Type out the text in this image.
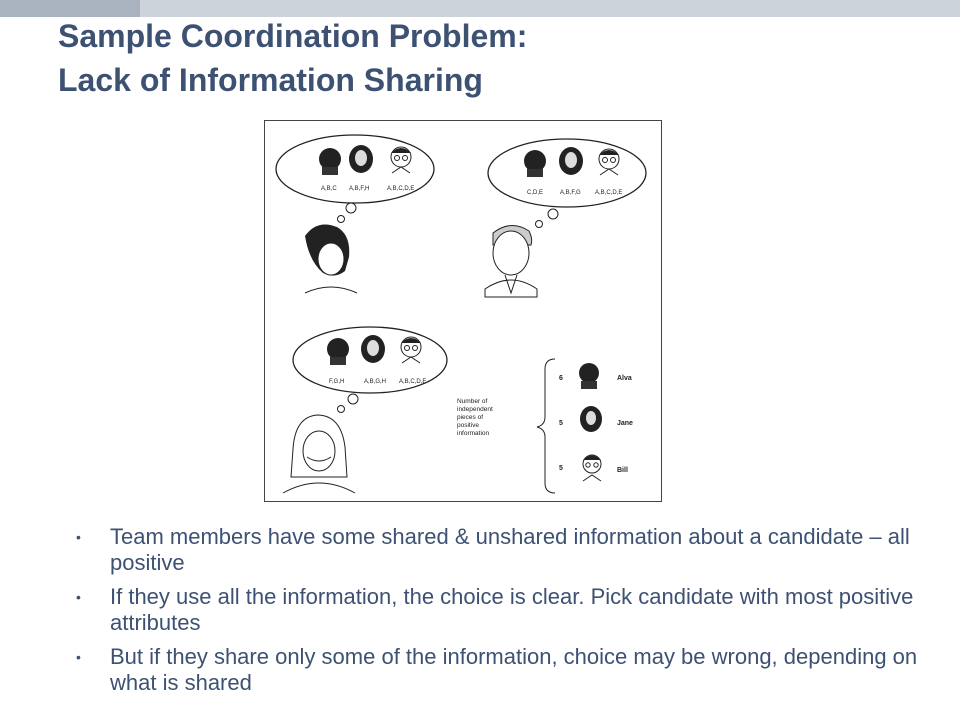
Sample Coordination Problem:
Lack of Information Sharing
A,B,C A,B,F,H	A,B,C,D,E
C,D,E	A,B,F,G A,B,C,D,E
F,G,H	A,B,G,H A,B,C,D,E
Number of independent pieces of positive information
6	Alva
5	Jane
5	Bill
• Team members have some shared & unshared information about a candidate – all positive
• If they use all the information, the choice is clear. Pick candidate with most positive attributes
• But if they share only some of the information, choice may be wrong, depending on what is shared
